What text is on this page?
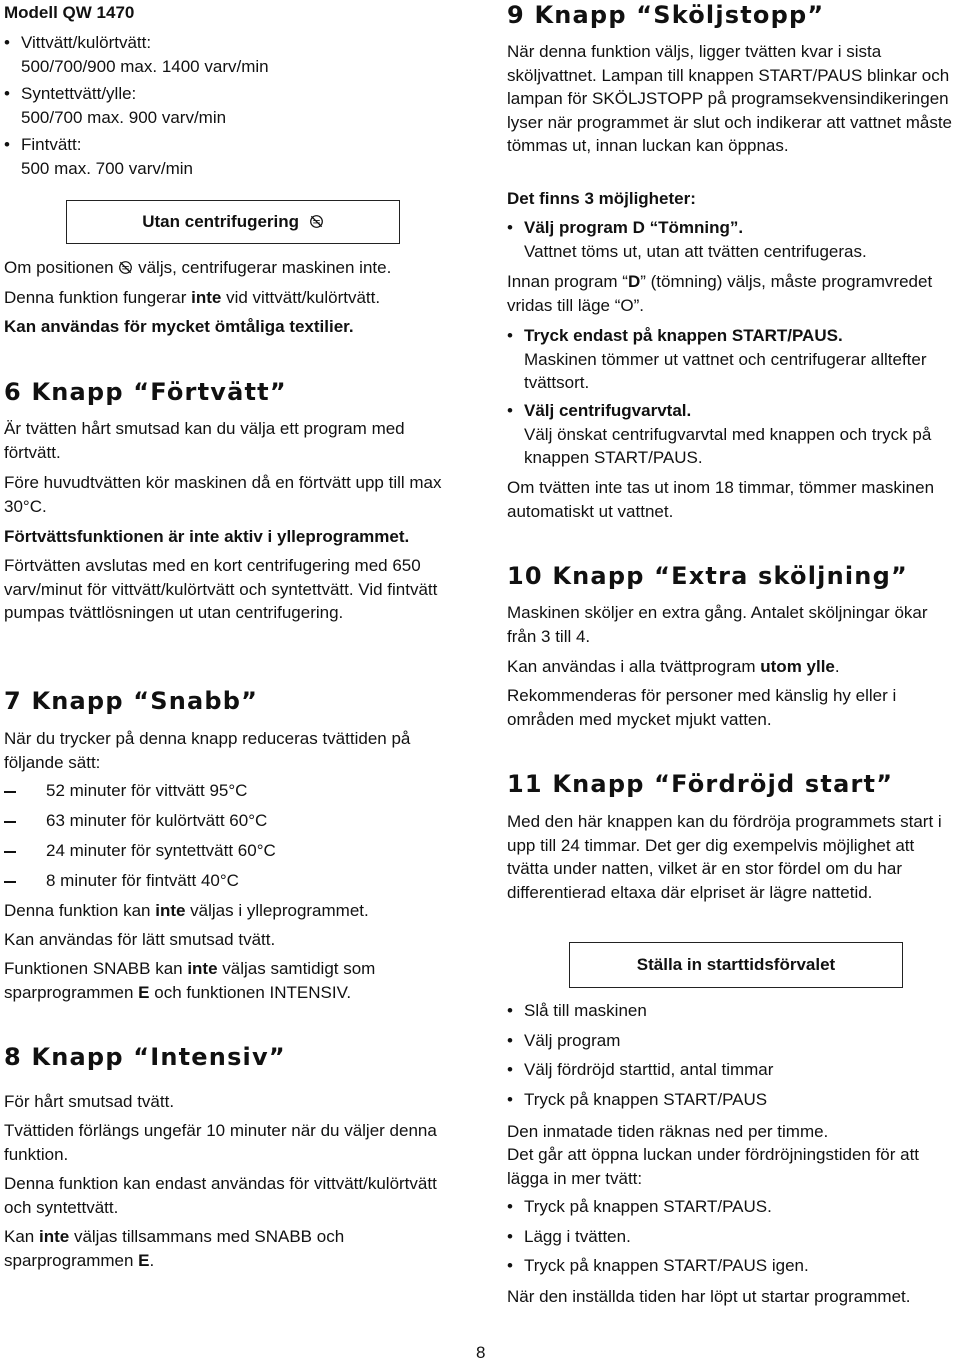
Modell QW 1470
• Vittvätt/kulörtvätt:
500/700/900 max. 1400 varv/min
• Syntettvätt/ylle:
500/700 max. 900 varv/min
• Fintvätt:
500 max. 700 varv/min
Utan centrifugering

Om positionen väljs, centrifugerar maskinen inte.

Denna funktion fungerar inte vid vittvätt/kulörtvätt.

Kan användas för mycket ömtåliga textilier.

6 Knapp “Förtvätt”

Är tvätten hårt smutsad kan du välja ett program med förtvätt.

Före huvudtvätten kör maskinen då en förtvätt upp till max 30°C.

Förtvättsfunktionen är inte aktiv i ylleprogrammet.

Förtvätten avslutas med en kort centrifugering med 650 varv/minut för vittvätt/kulörtvätt och syntettvätt. Vid fintvätt pumpas tvättlösningen ut utan centrifugering.

7 Knapp “Snabb”

När du trycker på denna knapp reduceras tvättiden på följande sätt:

52 minuter för vittvätt 95°C
63 minuter för kulörtvätt 60°C
24 minuter för syntettvätt 60°C
8 minuter för fintvätt 40°C

Denna funktion kan inte väljas i ylleprogrammet.

Kan användas för lätt smutsad tvätt.

Funktionen SNABB kan inte väljas samtidigt som sparprogrammen E och funktionen INTENSIV.

8 Knapp “Intensiv”

För hårt smutsad tvätt.

Tvättiden förlängs ungefär 10 minuter när du väljer denna funktion.

Denna funktion kan endast användas för vittvätt/kulörtvätt och syntettvätt.

Kan inte väljas tillsammans med SNABB och sparprogrammen E.

9 Knapp “Sköljstopp”

När denna funktion väljs, ligger tvätten kvar i sista sköljvattnet. Lampan till knappen START/PAUS blinkar och lampan för SKÖLJSTOPP på programsekvensindikeringen lyser när programmet är slut och indikerar att vattnet måste tömmas ut, innan luckan kan öppnas.

Det finns 3 möjligheter:

• Välj program D “Tömning”.
Vattnet töms ut, utan att tvätten centrifugeras.

Innan program “D” (tömning) väljs, måste programvredet vridas till läge “O”.

• Tryck endast på knappen START/PAUS.
Maskinen tömmer ut vattnet och centrifugerar alltefter tvättsort.
• Välj centrifugvarvtal.
Välj önskat centrifugvarvtal med knappen och tryck på knappen START/PAUS.

Om tvätten inte tas ut inom 18 timmar, tömmer maskinen automatiskt ut vattnet.

10 Knapp “Extra sköljning”

Maskinen sköljer en extra gång. Antalet sköljningar ökar från 3 till 4.

Kan användas i alla tvättprogram utom ylle.

Rekommenderas för personer med känslig hy eller i områden med mycket mjukt vatten.

11 Knapp “Fördröjd start”

Med den här knappen kan du fördröja programmets start i upp till 24 timmar. Det ger dig exempelvis möjlighet att tvätta under natten, vilket är en stor fördel om du har differentierad eltaxa där elpriset är lägre nattetid.

Ställa in starttidsförvalet
• Slå till maskinen
• Välj program
• Välj fördröjd starttid, antal timmar
• Tryck på knappen START/PAUS

Den inmatade tiden räknas ned per timme.

Det går att öppna luckan under fördröjningstiden för att lägga in mer tvätt:

• Tryck på knappen START/PAUS.
• Lägg i tvätten.
• Tryck på knappen START/PAUS igen.

När den inställda tiden har löpt ut startar programmet.

8
